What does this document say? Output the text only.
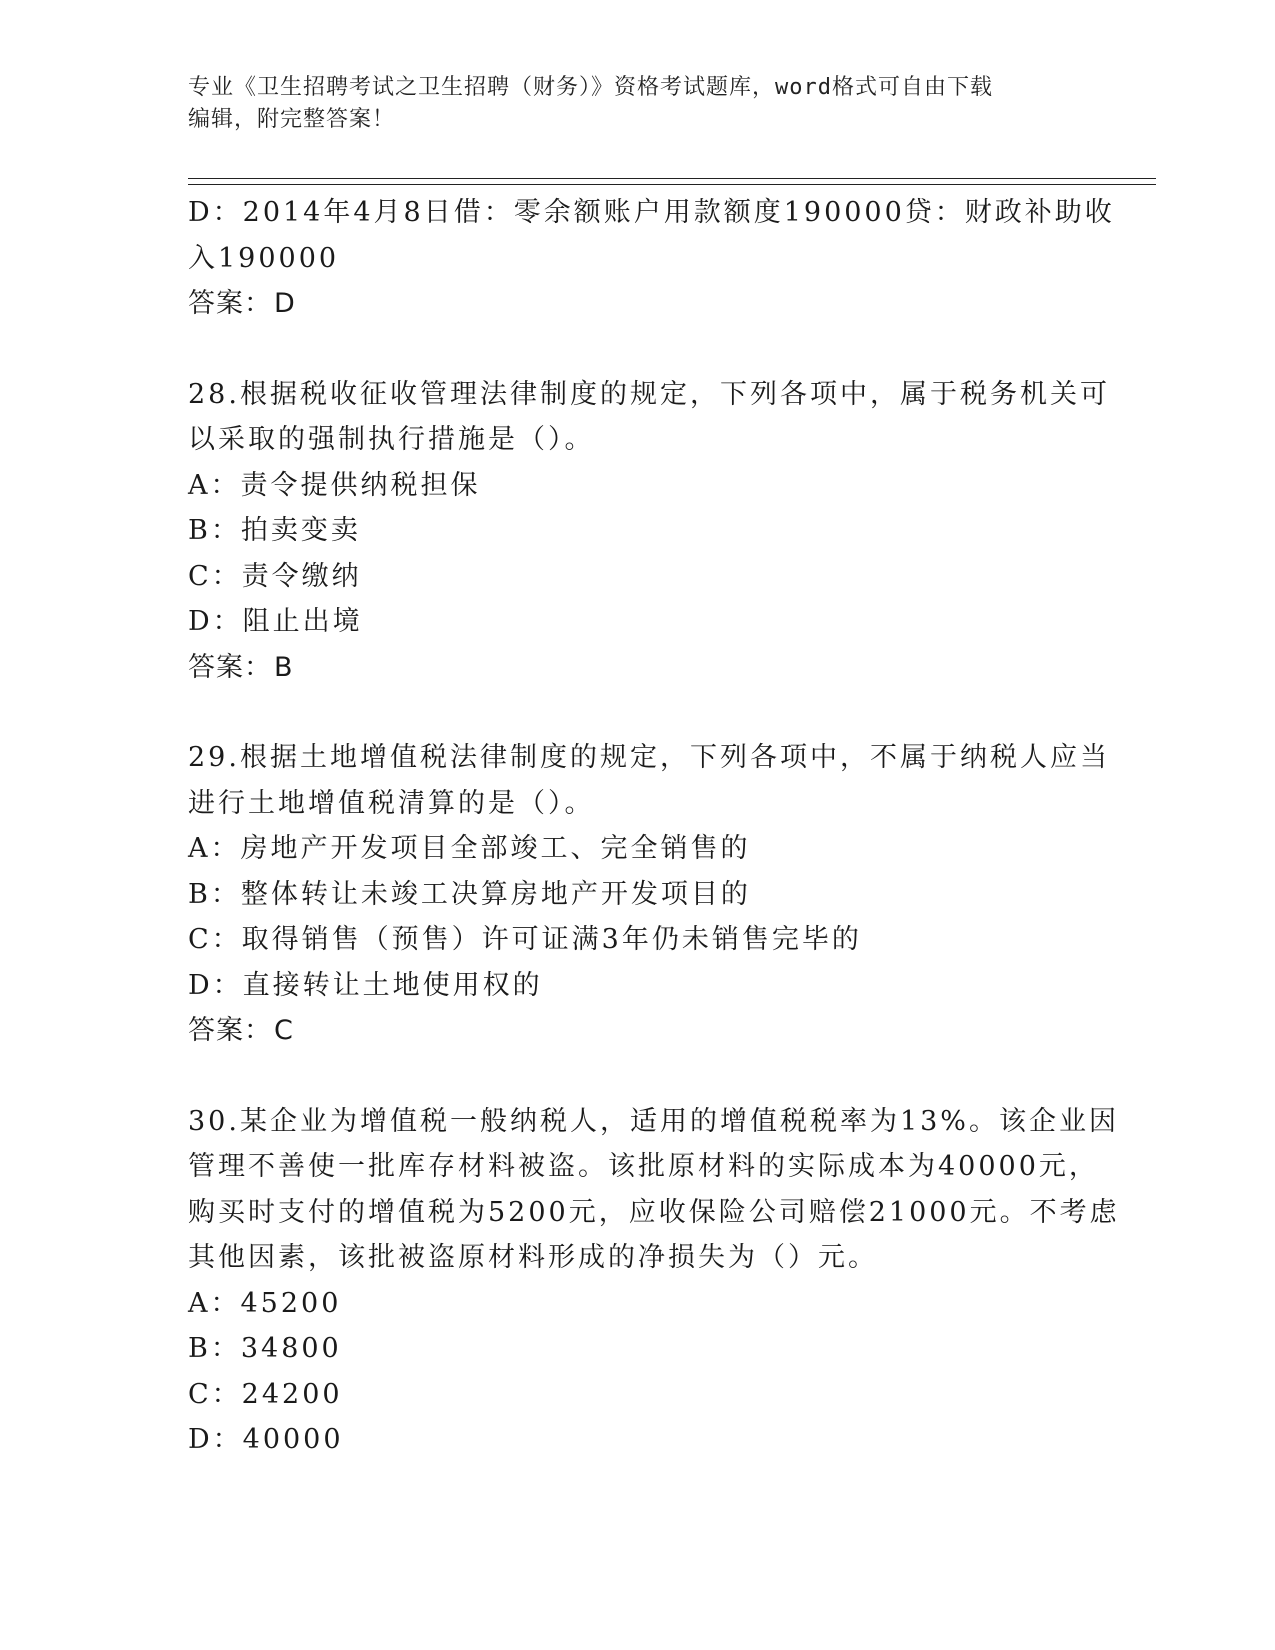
专业《卫生招聘考试之卫生招聘（财务）》资格考试题库，word格式可自由下载
编辑，附完整答案！
D：2014年4月8日借：零余额账户用款额度190000贷：财政补助收
入190000
答案：D
28.根据税收征收管理法律制度的规定，下列各项中，属于税务机关可
以采取的强制执行措施是（）。
A：责令提供纳税担保
B：拍卖变卖
C：责令缴纳
D：阻止出境
答案：B
29.根据土地增值税法律制度的规定，下列各项中，不属于纳税人应当
进行土地增值税清算的是（）。
A：房地产开发项目全部竣工、完全销售的
B：整体转让未竣工决算房地产开发项目的
C：取得销售（预售）许可证满3年仍未销售完毕的
D：直接转让土地使用权的
答案：C
30.某企业为增值税一般纳税人，适用的增值税税率为13%。该企业因
管理不善使一批库存材料被盗。该批原材料的实际成本为40000元，
购买时支付的增值税为5200元，应收保险公司赔偿21000元。不考虑
其他因素，该批被盗原材料形成的净损失为（）元。
A：45200
B：34800
C：24200
D：40000
